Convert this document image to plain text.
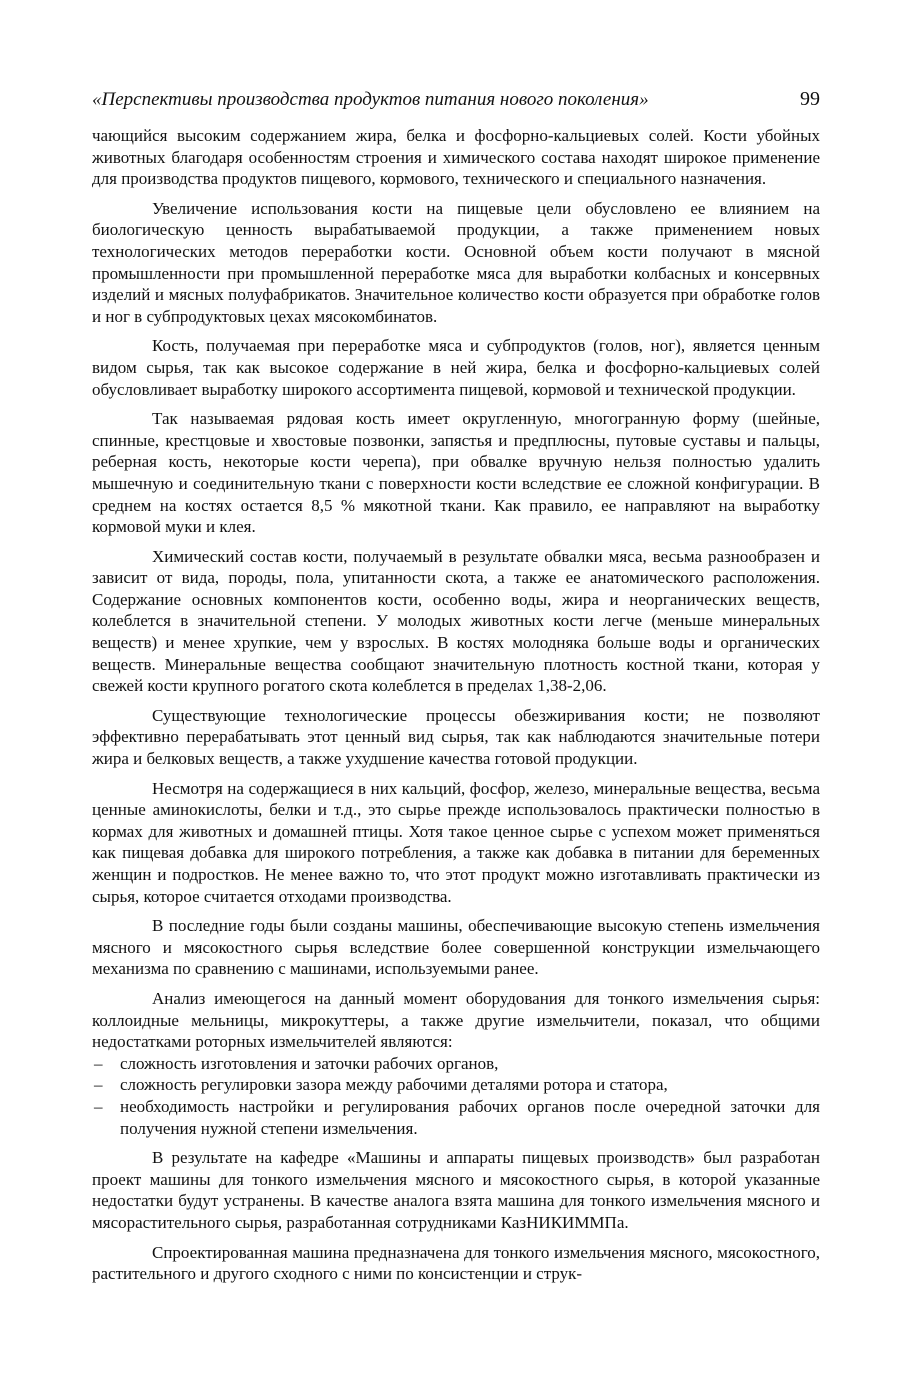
«Перспективы производства продуктов питания нового поколения»	99

чающийся высоким содержанием жира, белка и фосфорно-кальциевых солей. Кости убойных животных благодаря особенностям строения и химического состава находят широкое применение для производства продуктов пищевого, кормового, технического и специального назначения.

Увеличение использования кости на пищевые цели обусловлено ее влиянием на биологическую ценность вырабатываемой продукции, а также применением новых технологических методов переработки кости. Основной объем кости получают в мясной промышленности при промышленной переработке мяса для выработки колбасных и консервных изделий и мясных полуфабрикатов. Значительное количество кости образуется при обработке голов и ног в субпродуктовых цехах мясокомбинатов.

Кость, получаемая при переработке мяса и субпродуктов (голов, ног), является ценным видом сырья, так как высокое содержание в ней жира, белка и фосфорно-кальциевых солей обусловливает выработку широкого ассортимента пищевой, кормовой и технической продукции.

Так называемая рядовая кость имеет округленную, многогранную форму (шейные, спинные, крестцовые и хвостовые позвонки, запястья и предплюсны, путовые суставы и пальцы, реберная кость, некоторые кости черепа), при обвалке вручную нельзя полностью удалить мышечную и соединительную ткани с поверхности кости вследствие ее сложной конфигурации. В среднем на костях остается 8,5 % мякотной ткани. Как правило, ее направляют на выработку кормовой муки и клея.

Химический состав кости, получаемый в результате обвалки мяса, весьма разнообразен и зависит от вида, породы, пола, упитанности скота, а также ее анатомического расположения. Содержание основных компонентов кости, особенно воды, жира и неорганических веществ, колеблется в значительной степени. У молодых животных кости легче (меньше минеральных веществ) и менее хрупкие, чем у взрослых. В костях молодняка больше воды и органических веществ. Минеральные вещества сообщают значительную плотность костной ткани, которая у свежей кости крупного рогатого скота колеблется в пределах 1,38-2,06.

Существующие технологические процессы обезжиривания кости; не позволяют эффективно перерабатывать этот ценный вид сырья, так как наблюдаются значительные потери жира и белковых веществ, а также ухудшение качества готовой продукции.

Несмотря на содержащиеся в них кальций, фосфор, железо, минеральные вещества, весьма ценные аминокислоты, белки и т.д., это сырье прежде использовалось практически полностью в кормах для животных и домашней птицы. Хотя такое ценное сырье с успехом может применяться как пищевая добавка для широкого потребления, а также как добавка в питании для беременных женщин и подростков. Не менее важно то, что этот продукт можно изготавливать практически из сырья, которое считается отходами производства.

В последние годы были созданы машины, обеспечивающие высокую степень измельчения мясного и мясокостного сырья вследствие более совершенной конструкции измельчающего механизма по сравнению с машинами, используемыми ранее.

Анализ имеющегося на данный момент оборудования для тонкого измельчения сырья: коллоидные мельницы, микрокуттеры, а также другие измельчители, показал, что общими недостатками роторных измельчителей являются:

– сложность изготовления и заточки рабочих органов,
– сложность регулировки зазора между рабочими деталями ротора и статора,
– необходимость настройки и регулирования рабочих органов после очередной заточки для получения нужной степени измельчения.

В результате на кафедре «Машины и аппараты пищевых производств» был разработан проект машины для тонкого измельчения мясного и мясокостного сырья, в которой указанные недостатки будут устранены. В качестве аналога взята машина для тонкого измельчения мясного и мясорастительного сырья, разработанная сотрудниками КазНИКИММПа.

Спроектированная машина предназначена для тонкого измельчения мясного, мясокостного, растительного и другого сходного с ними по консистенции и струк-
